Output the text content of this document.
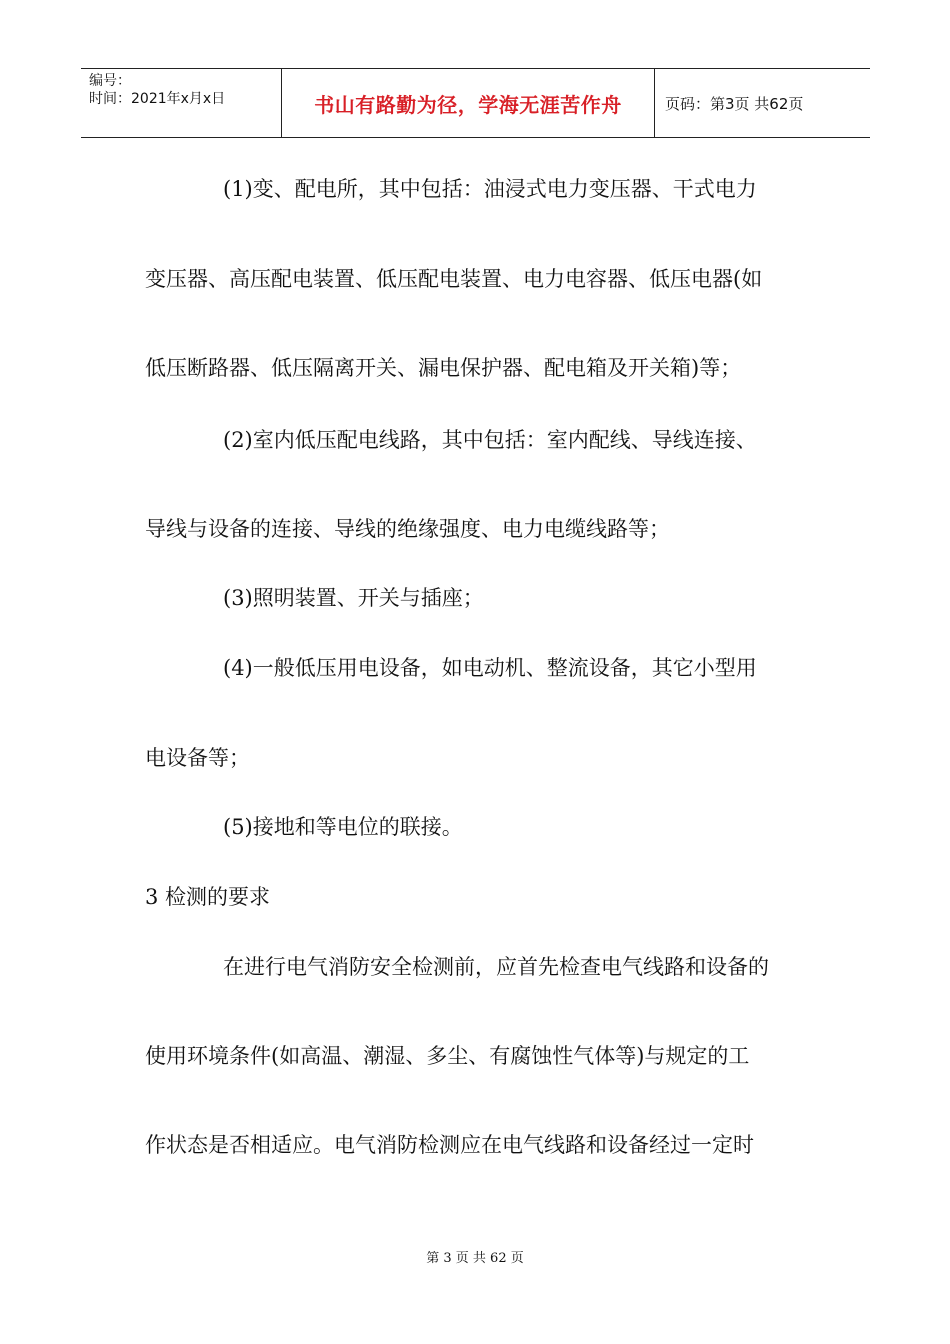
编号：
时间：2021年x月x日	书山有路勤为径，学海无涯苦作舟	页码：第3页 共62页
(1)变、配电所，其中包括：油浸式电力变压器、干式电力
变压器、高压配电装置、低压配电装置、电力电容器、低压电器(如
低压断路器、低压隔离开关、漏电保护器、配电箱及开关箱)等；
(2)室内低压配电线路，其中包括：室内配线、导线连接、
导线与设备的连接、导线的绝缘强度、电力电缆线路等；
(3)照明装置、开关与插座；
(4)一般低压用电设备，如电动机、整流设备，其它小型用
电设备等；
(5)接地和等电位的联接。
3 检测的要求
在进行电气消防安全检测前，应首先检查电气线路和设备的
使用环境条件(如高温、潮湿、多尘、有腐蚀性气体等)与规定的工
作状态是否相适应。电气消防检测应在电气线路和设备经过一定时
第 3 页 共 62 页
